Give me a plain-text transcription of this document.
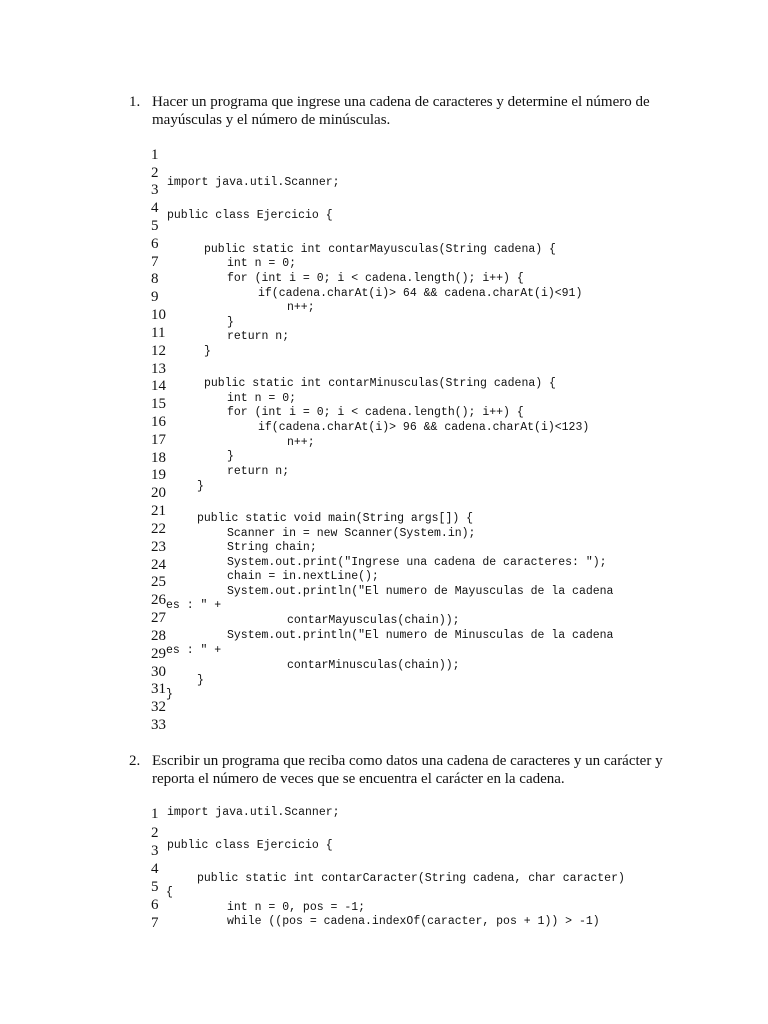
1. Hacer un programa que ingrese una cadena de caracteres y determine el número de mayúsculas y el número de minúsculas.
1
2
3
4
5
6
7
8
9
10
11
12
13
14
15
16
17
18
19
20
21
22
23
24
25
26
27
28
29
30
31
32
33
import java.util.Scanner;
public class Ejercicio {
public static int contarMayusculas(String cadena) {
int n = 0;
for (int i = 0; i < cadena.length(); i++) {
if(cadena.charAt(i)> 64 && cadena.charAt(i)<91)
n++;
}
return n;
}
public static int contarMinusculas(String cadena) {
int n = 0;
for (int i = 0; i < cadena.length(); i++) {
if(cadena.charAt(i)> 96 && cadena.charAt(i)<123)
n++;
}
return n;
}
public static void main(String args[]) {
Scanner in = new Scanner(System.in);
String chain;
System.out.print("Ingrese una cadena de caracteres: ");
chain = in.nextLine();
System.out.println("El numero de Mayusculas de la cadena
es : " +
contarMayusculas(chain));
System.out.println("El numero de Minusculas de la cadena
es : " +
contarMinusculas(chain));
}
}
2. Escribir un programa que reciba como datos una cadena de caracteres y un carácter y reporta el número de veces que se encuentra el carácter en la cadena.
1
2
3
4
5
6
7
import java.util.Scanner;
public class Ejercicio {
public static int contarCaracter(String cadena, char caracter)
{
int n = 0, pos = -1;
while ((pos = cadena.indexOf(caracter, pos + 1)) > -1)
